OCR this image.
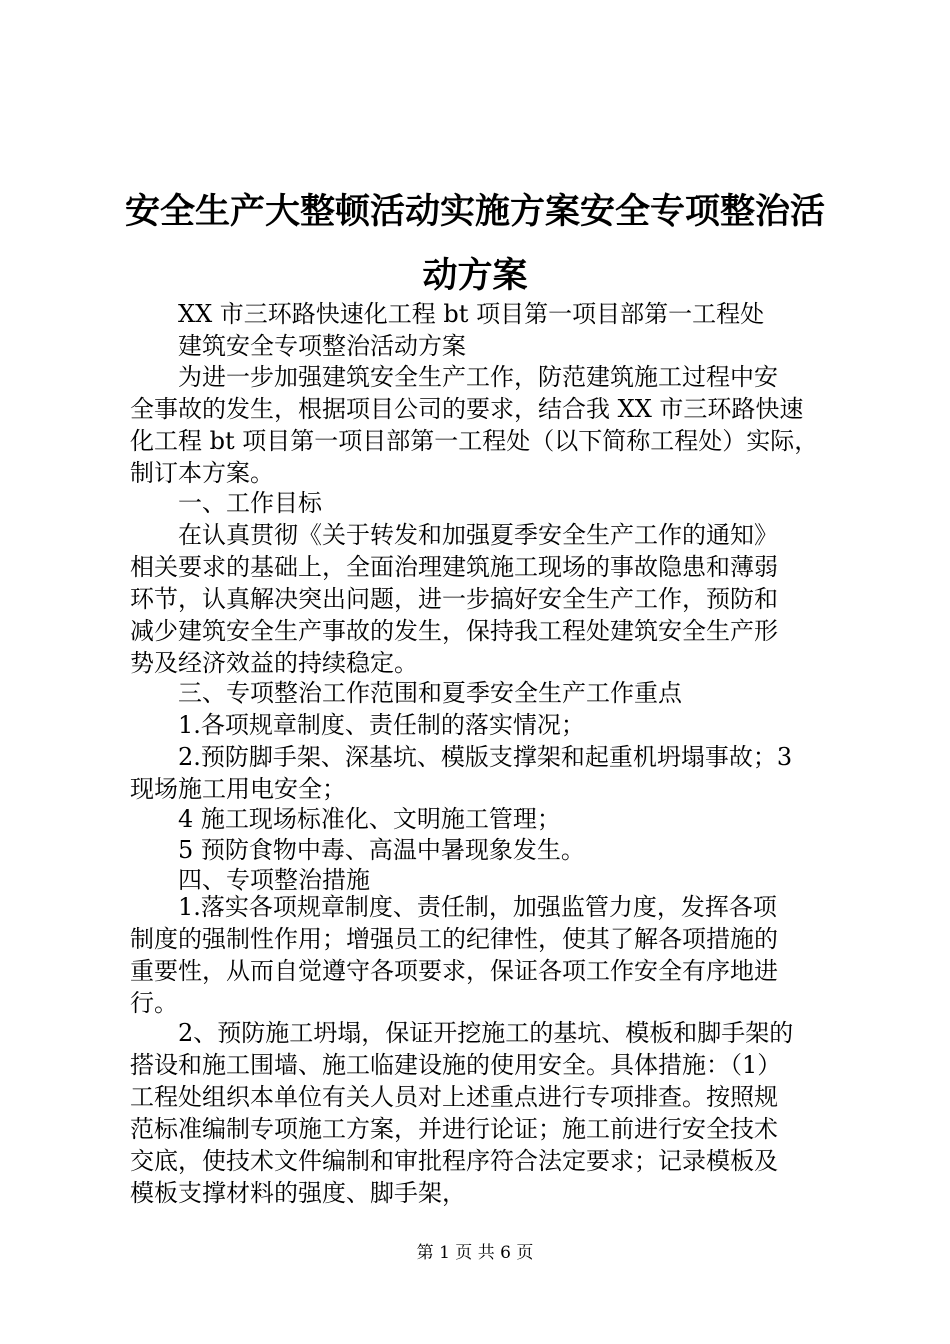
安全生产大整顿活动实施方案安全专项整治活
动方案

XX 市三环路快速化工程 bt 项目第一项目部第一工程处

建筑安全专项整治活动方案

为进一步加强建筑安全生产工作，防范建筑施工过程中安

全事故的发生，根据项目公司的要求，结合我 XX 市三环路快速

化工程 bt 项目第一项目部第一工程处（以下简称工程处）实际，

制订本方案。

一、工作目标

在认真贯彻《关于转发和加强夏季安全生产工作的通知》

相关要求的基础上，全面治理建筑施工现场的事故隐患和薄弱

环节，认真解决突出问题，进一步搞好安全生产工作，预防和

减少建筑安全生产事故的发生，保持我工程处建筑安全生产形

势及经济效益的持续稳定。

三、专项整治工作范围和夏季安全生产工作重点

1.各项规章制度、责任制的落实情况；

2.预防脚手架、深基坑、模版支撑架和起重机坍塌事故；3

现场施工用电安全；

4 施工现场标准化、文明施工管理；

5 预防食物中毒、高温中暑现象发生。

四、专项整治措施

1.落实各项规章制度、责任制，加强监管力度，发挥各项

制度的强制性作用；增强员工的纪律性，使其了解各项措施的

重要性，从而自觉遵守各项要求，保证各项工作安全有序地进

行。

2、预防施工坍塌，保证开挖施工的基坑、模板和脚手架的

搭设和施工围墙、施工临建设施的使用安全。具体措施：（1）

工程处组织本单位有关人员对上述重点进行专项排查。按照规

范标准编制专项施工方案，并进行论证；施工前进行安全技术

交底，使技术文件编制和审批程序符合法定要求；记录模板及

模板支撑材料的强度、脚手架，

第 1 页 共 6 页
